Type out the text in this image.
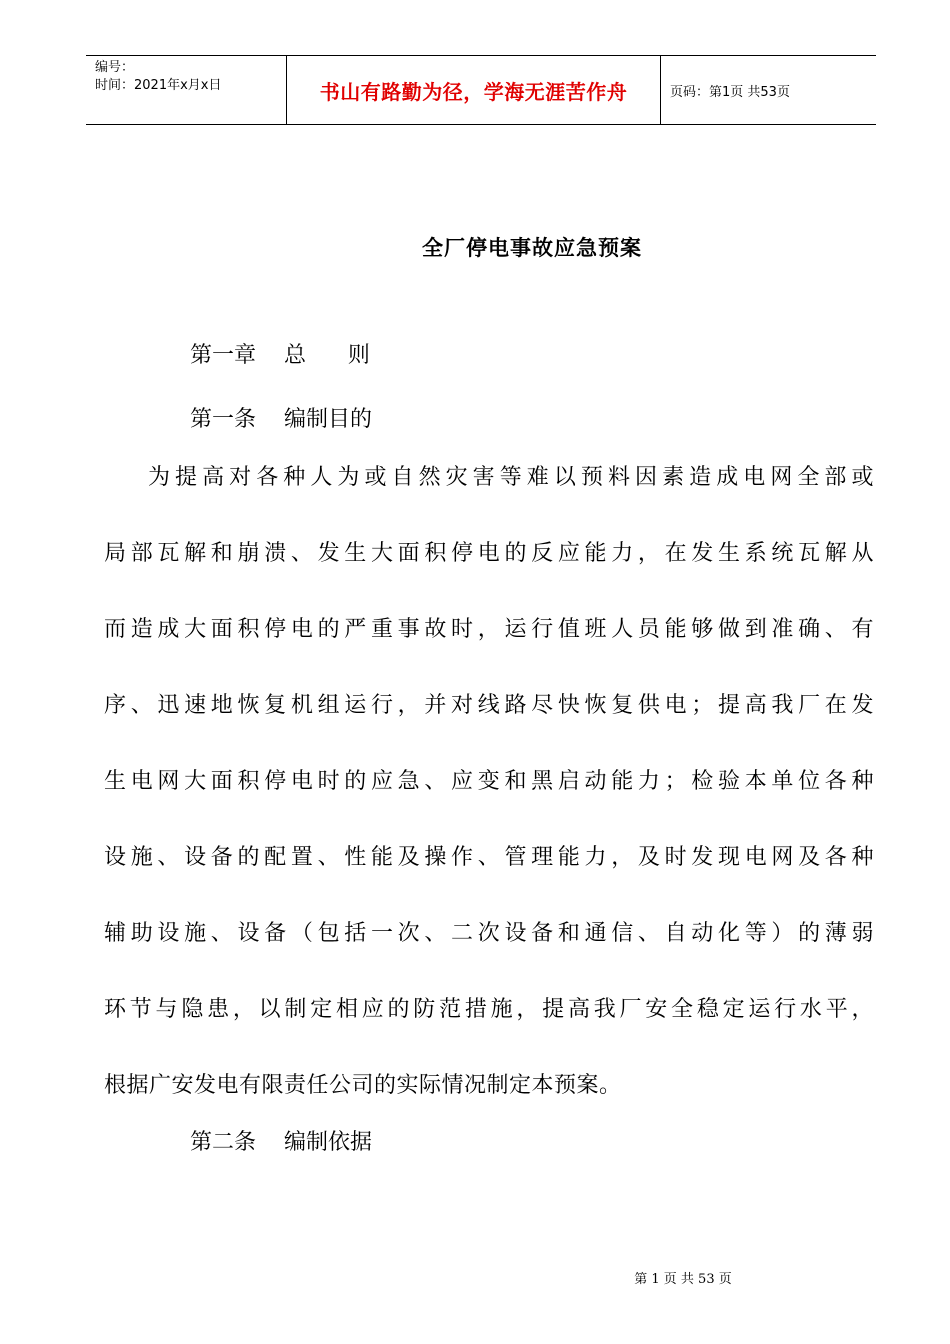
编号：
时间：2021年x月x日	书山有路勤为径，学海无涯苦作舟	页码：第1页 共53页
全厂停电事故应急预案
第一章    总      则
第一条    编制目的
为提高对各种人为或自然灾害等难以预料因素造成电网全部或
局部瓦解和崩溃、发生大面积停电的反应能力，在发生系统瓦解从
而造成大面积停电的严重事故时，运行值班人员能够做到准确、有
序、迅速地恢复机组运行，并对线路尽快恢复供电；提高我厂在发
生电网大面积停电时的应急、应变和黑启动能力；检验本单位各种
设施、设备的配置、性能及操作、管理能力，及时发现电网及各种
辅助设施、设备（包括一次、二次设备和通信、自动化等）的薄弱
环节与隐患，以制定相应的防范措施，提高我厂安全稳定运行水平，
根据广安发电有限责任公司的实际情况制定本预案。
第二条    编制依据
第 1 页 共 53 页
